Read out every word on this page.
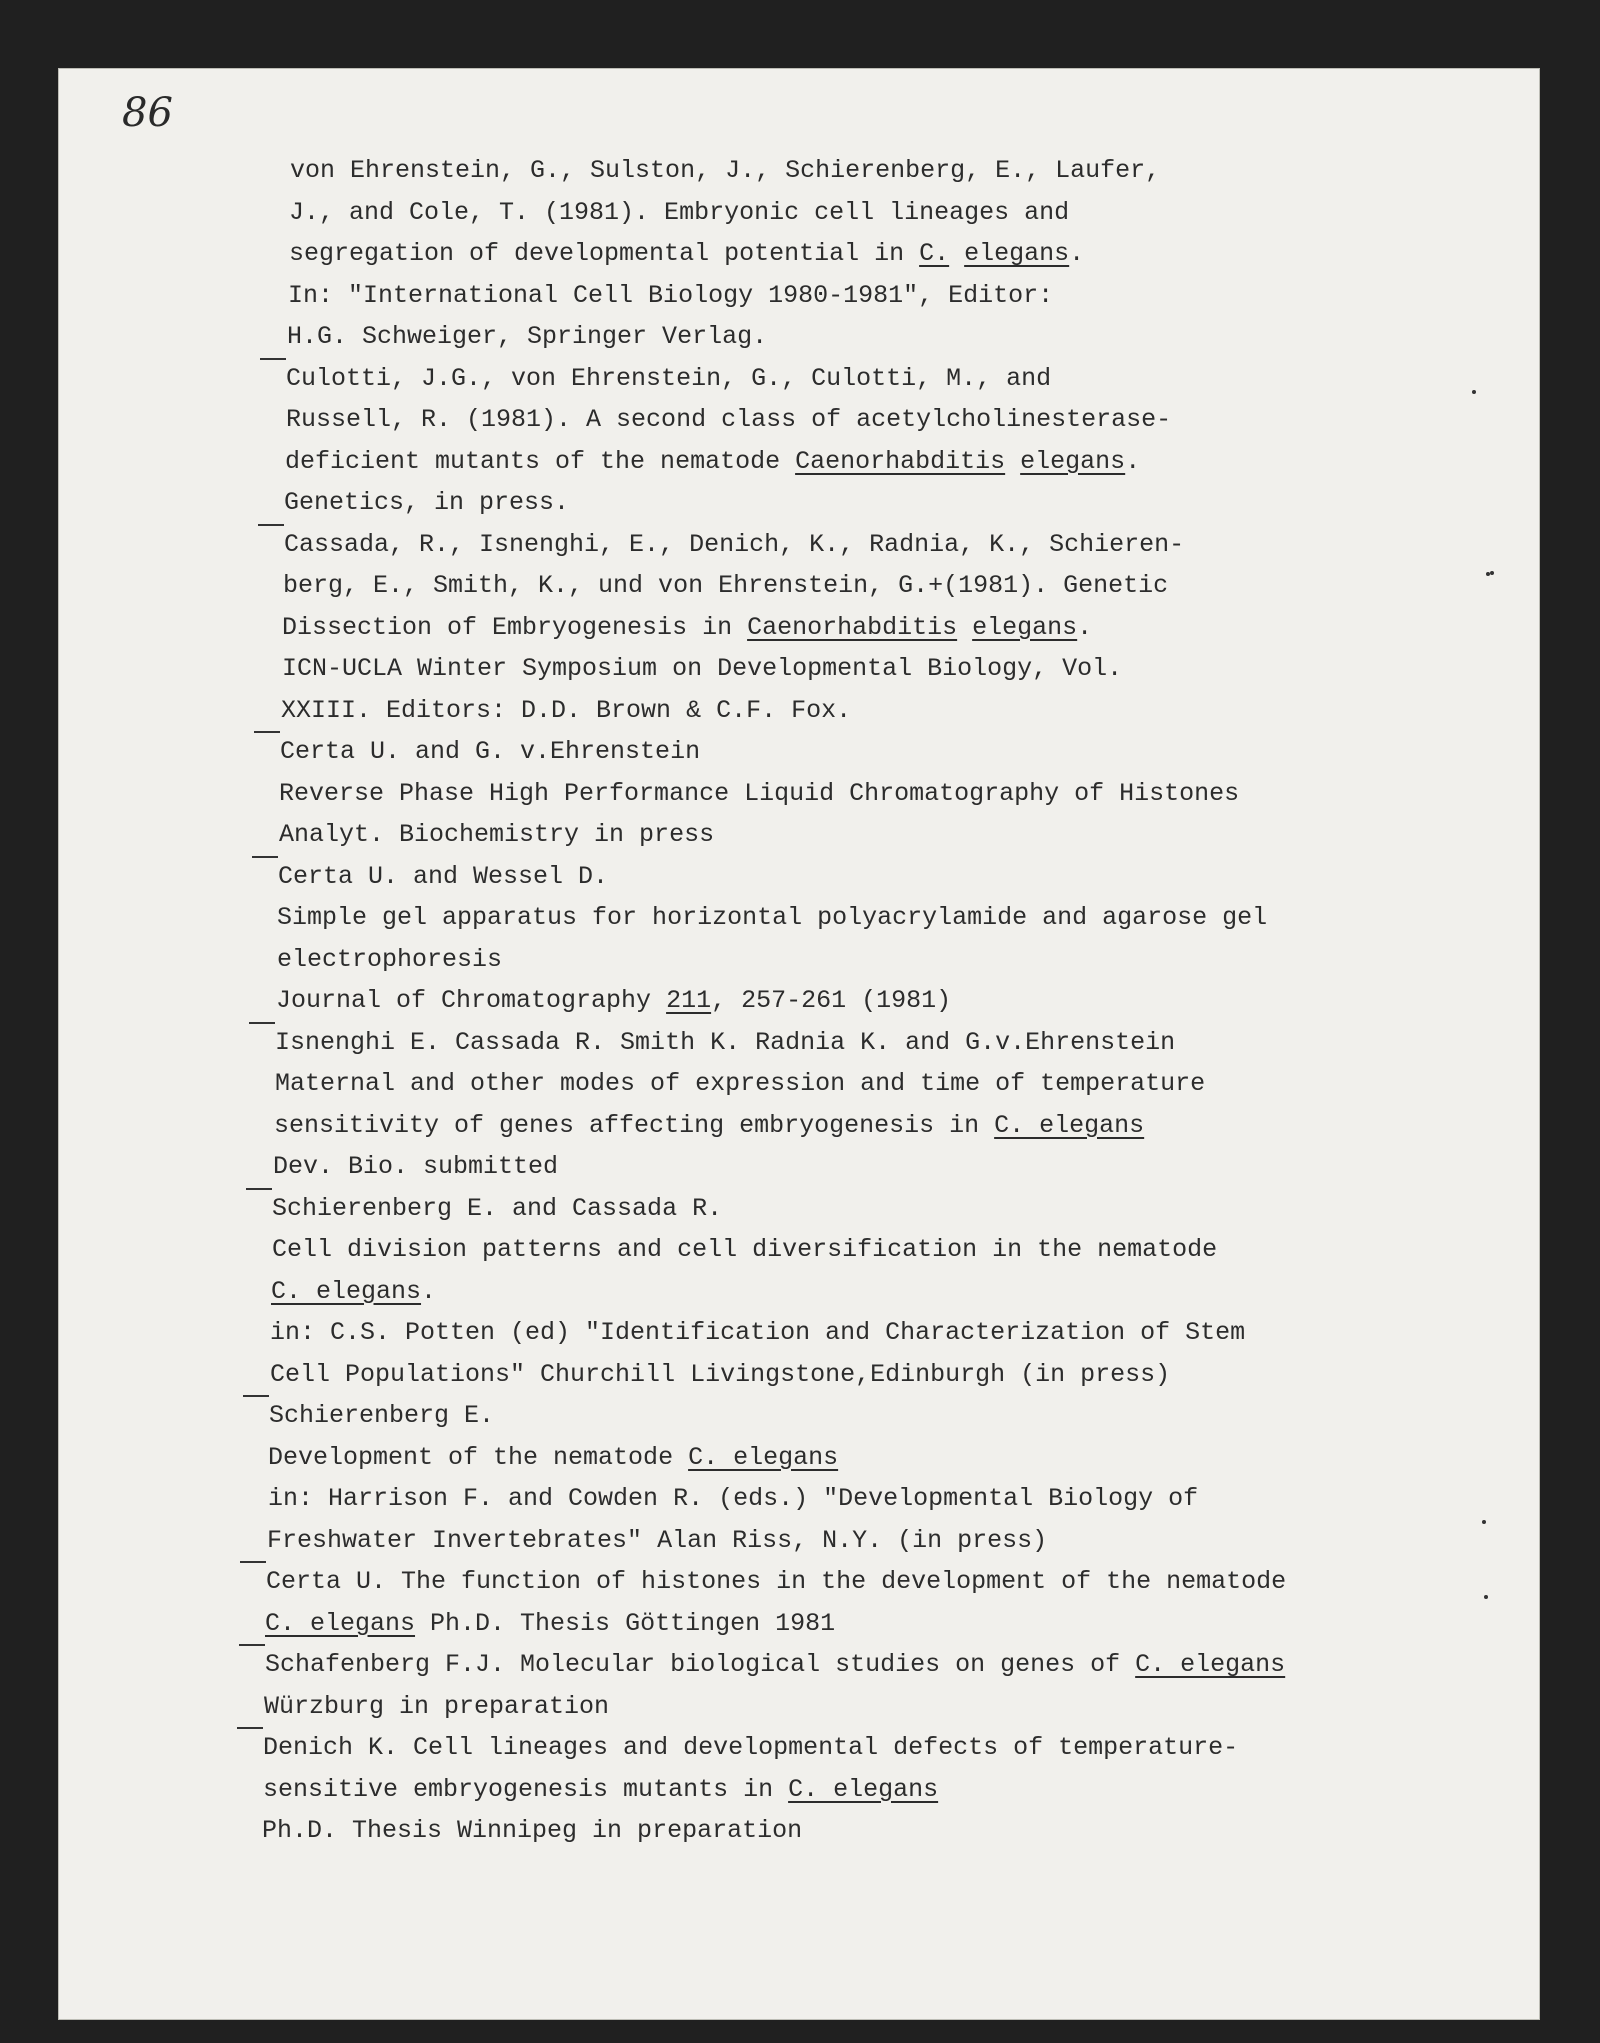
86
von Ehrenstein, G., Sulston, J., Schierenberg, E., Laufer,
J., and Cole, T. (1981). Embryonic cell lineages and
segregation of developmental potential in C. elegans.
In: "International Cell Biology 1980-1981", Editor:
H.G. Schweiger, Springer Verlag.
Culotti, J.G., von Ehrenstein, G., Culotti, M., and
Russell, R. (1981). A second class of acetylcholinesterase-
deficient mutants of the nematode Caenorhabditis elegans.
Genetics, in press.
Cassada, R., Isnenghi, E., Denich, K., Radnia, K., Schieren-
berg, E., Smith, K., und von Ehrenstein, G.+(1981). Genetic
Dissection of Embryogenesis in Caenorhabditis elegans.
ICN-UCLA Winter Symposium on Developmental Biology, Vol.
XXIII. Editors: D.D. Brown & C.F. Fox.
Certa U. and G. v.Ehrenstein
Reverse Phase High Performance Liquid Chromatography of Histones
Analyt. Biochemistry in press
Certa U. and Wessel D.
Simple gel apparatus for horizontal polyacrylamide and agarose gel
electrophoresis
Journal of Chromatography 211, 257-261 (1981)
Isnenghi E. Cassada R. Smith K. Radnia K. and G.v.Ehrenstein
Maternal and other modes of expression and time of temperature
sensitivity of genes affecting embryogenesis in C. elegans
Dev. Bio. submitted
Schierenberg E. and Cassada R.
Cell division patterns and cell diversification in the nematode
C. elegans.
in: C.S. Potten (ed) "Identification and Characterization of Stem
Cell Populations" Churchill Livingstone,Edinburgh (in press)
Schierenberg E.
Development of the nematode C. elegans
in: Harrison F. and Cowden R. (eds.) "Developmental Biology of
Freshwater Invertebrates" Alan Riss, N.Y. (in press)
Certa U. The function of histones in the development of the nematode
C. elegans Ph.D. Thesis Göttingen 1981
Schafenberg F.J. Molecular biological studies on genes of C. elegans
Würzburg in preparation
Denich K. Cell lineages and developmental defects of temperature-
sensitive embryogenesis mutants in C. elegans
Ph.D. Thesis Winnipeg in preparation
